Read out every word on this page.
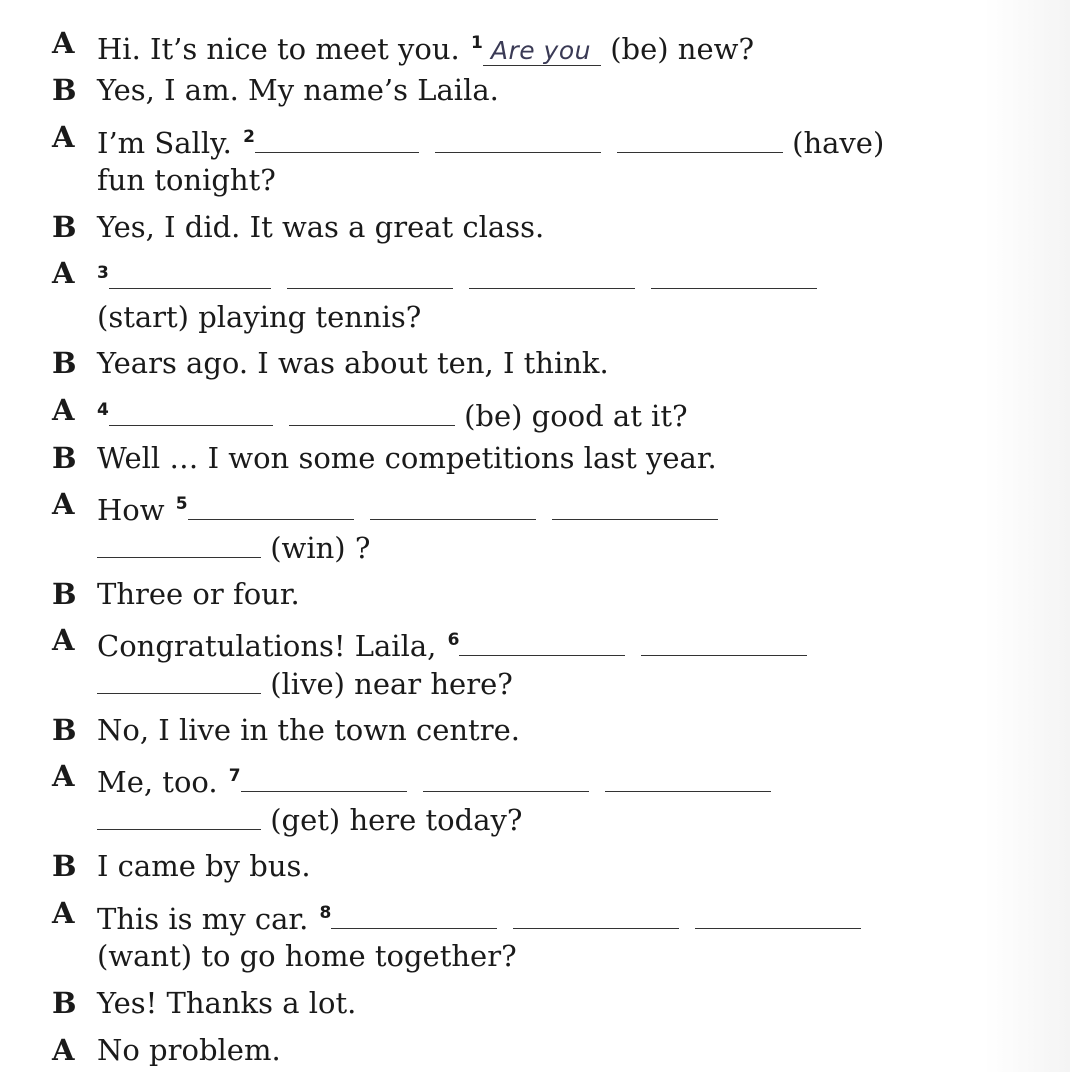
A Hi. It’s nice to meet you. $^1$ Are you (be) new?
B Yes, I am. My name’s Laila.
A I’m Sally. $^2$	(have)
fun tonight?
B Yes, I did. It was a great class.
A $^3$
(start) playing tennis?
B Years ago. I was about ten, I think.
A $^4$	(be) good at it?
B Well … I won some competitions last year.
A How $^5$
(win) ?
B Three or four.
A Congratulations! Laila, $^6$
(live) near here?
B No, I live in the town centre.
A Me, too. $^7$
(get) here today?
B I came by bus.
A This is my car. $^8$
(want) to go home together?
B Yes! Thanks a lot.
A No problem.
